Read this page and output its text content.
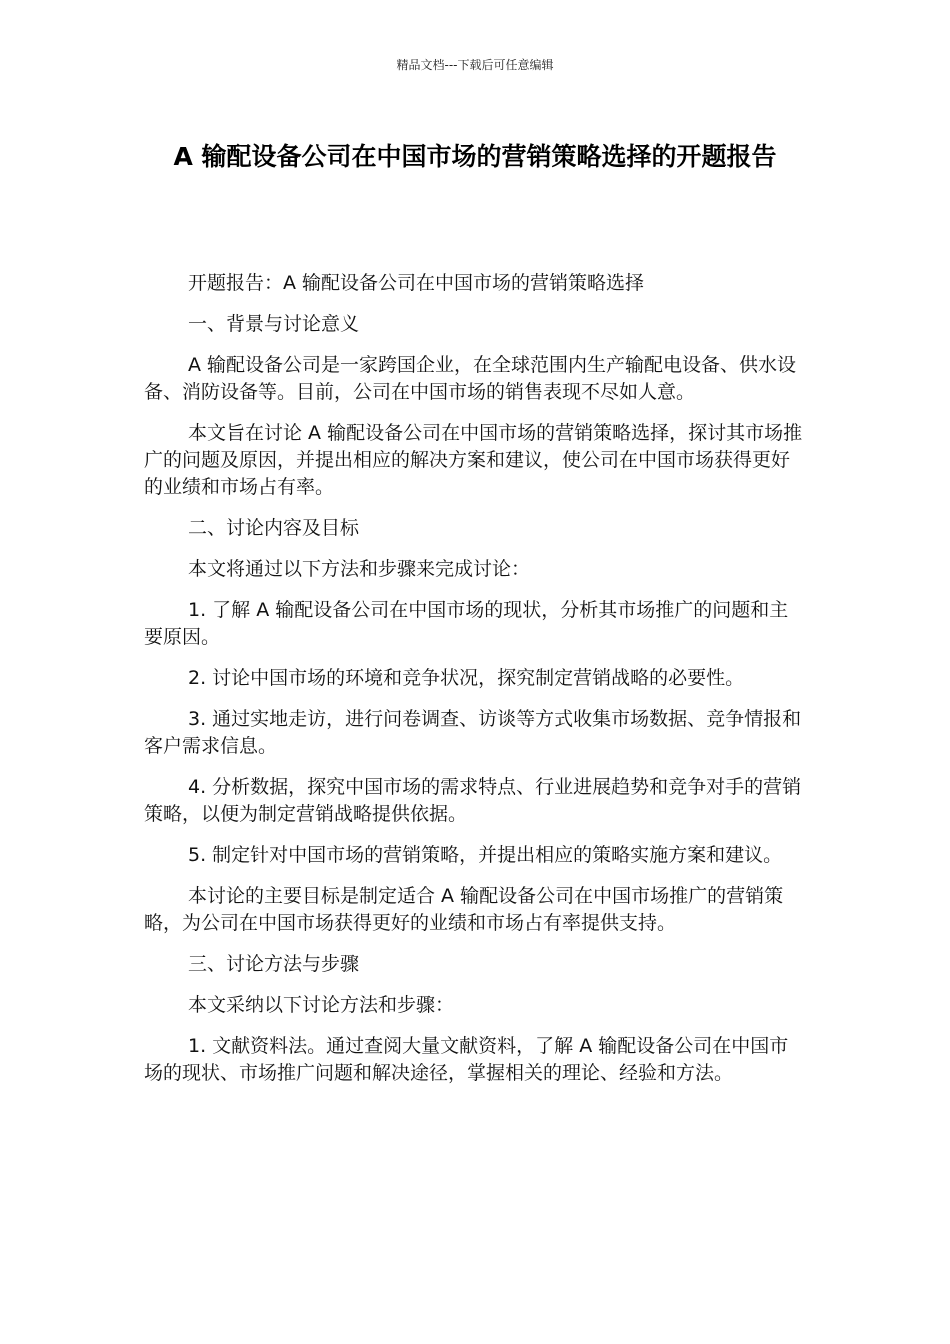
精品文档---下载后可任意编辑
A 输配设备公司在中国市场的营销策略选择的开题报告

开题报告：A 输配设备公司在中国市场的营销策略选择

一、背景与讨论意义

A 输配设备公司是一家跨国企业，在全球范围内生产输配电设备、供水设备、消防设备等。目前，公司在中国市场的销售表现不尽如人意。

本文旨在讨论 A 输配设备公司在中国市场的营销策略选择，探讨其市场推广的问题及原因，并提出相应的解决方案和建议，使公司在中国市场获得更好的业绩和市场占有率。

二、讨论内容及目标

本文将通过以下方法和步骤来完成讨论：

1. 了解 A 输配设备公司在中国市场的现状，分析其市场推广的问题和主要原因。

2. 讨论中国市场的环境和竞争状况，探究制定营销战略的必要性。

3. 通过实地走访，进行问卷调查、访谈等方式收集市场数据、竞争情报和客户需求信息。

4. 分析数据，探究中国市场的需求特点、行业进展趋势和竞争对手的营销策略，以便为制定营销战略提供依据。

5. 制定针对中国市场的营销策略，并提出相应的策略实施方案和建议。

本讨论的主要目标是制定适合 A 输配设备公司在中国市场推广的营销策略，为公司在中国市场获得更好的业绩和市场占有率提供支持。

三、讨论方法与步骤

本文采纳以下讨论方法和步骤：

1. 文献资料法。通过查阅大量文献资料，了解 A 输配设备公司在中国市场的现状、市场推广问题和解决途径，掌握相关的理论、经验和方法。
